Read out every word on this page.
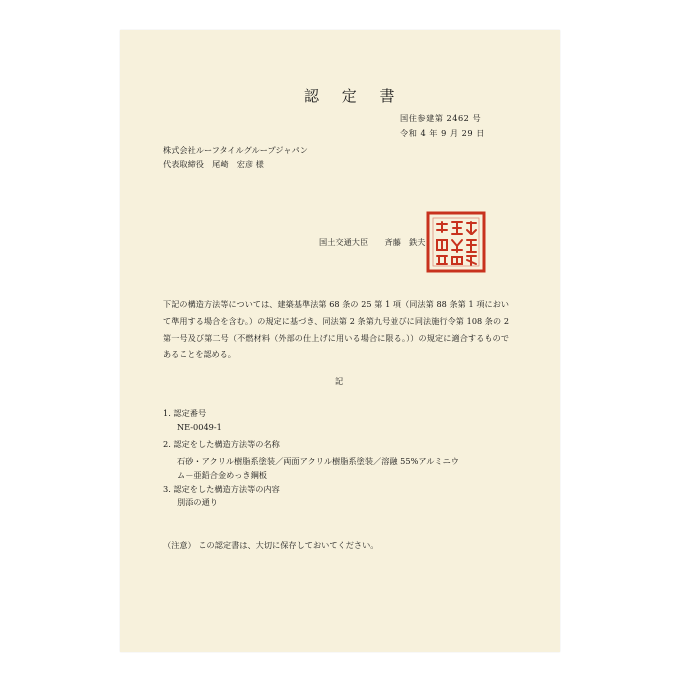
認 定 書
国住参建第 2462 号
令和 4 年 9 月 29 日
株式会社ルーフタイルグループジャパン
代表取締役　尾崎　宏彦 様
国土交通大臣　　斉藤　鉄夫
下記の構造方法等については、建築基準法第 68 条の 25 第 1 項（同法第 88 条第 1 項において準用する場合を含む。）の規定に基づき、同法第 2 条第九号並びに同法施行令第 108 条の 2 第一号及び第二号（不燃材料（外部の仕上げに用いる場合に限る。））の規定に適合するものであることを認める。
記
1. 認定番号
NE-0049-1
2. 認定をした構造方法等の名称
石砂・アクリル樹脂系塗装／両面アクリル樹脂系塗装／溶融 55%アルミニウム－亜鉛合金めっき鋼板
3. 認定をした構造方法等の内容
別添の通り
（注意） この認定書は、大切に保存しておいてください。
